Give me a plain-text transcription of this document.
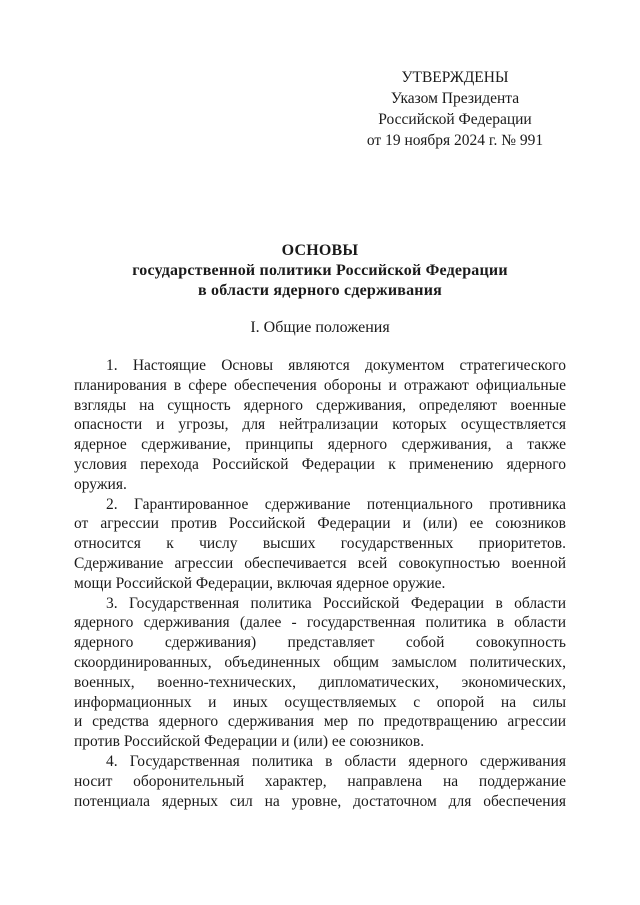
УТВЕРЖДЕНЫ
Указом Президента
Российской Федерации
от 19 ноября 2024 г. № 991
ОСНОВЫ
государственной политики Российской Федерации
в области ядерного сдерживания
I. Общие положения
1. Настоящие Основы являются документом стратегического
планирования в сфере обеспечения обороны и отражают официальные
взгляды на сущность ядерного сдерживания, определяют военные
опасности и угрозы, для нейтрализации которых осуществляется
ядерное сдерживание, принципы ядерного сдерживания, а также
условия перехода Российской Федерации к применению ядерного
оружия.
2. Гарантированное сдерживание потенциального противника
от агрессии против Российской Федерации и (или) ее союзников
относится к числу высших государственных приоритетов.
Сдерживание агрессии обеспечивается всей совокупностью военной
мощи Российской Федерации, включая ядерное оружие.
3. Государственная политика Российской Федерации в области
ядерного сдерживания (далее - государственная политика в области
ядерного сдерживания) представляет собой совокупность
скоординированных, объединенных общим замыслом политических,
военных, военно-технических, дипломатических, экономических,
информационных и иных осуществляемых с опорой на силы
и средства ядерного сдерживания мер по предотвращению агрессии
против Российской Федерации и (или) ее союзников.
4. Государственная политика в области ядерного сдерживания
носит оборонительный характер, направлена на поддержание
потенциала ядерных сил на уровне, достаточном для обеспечения
